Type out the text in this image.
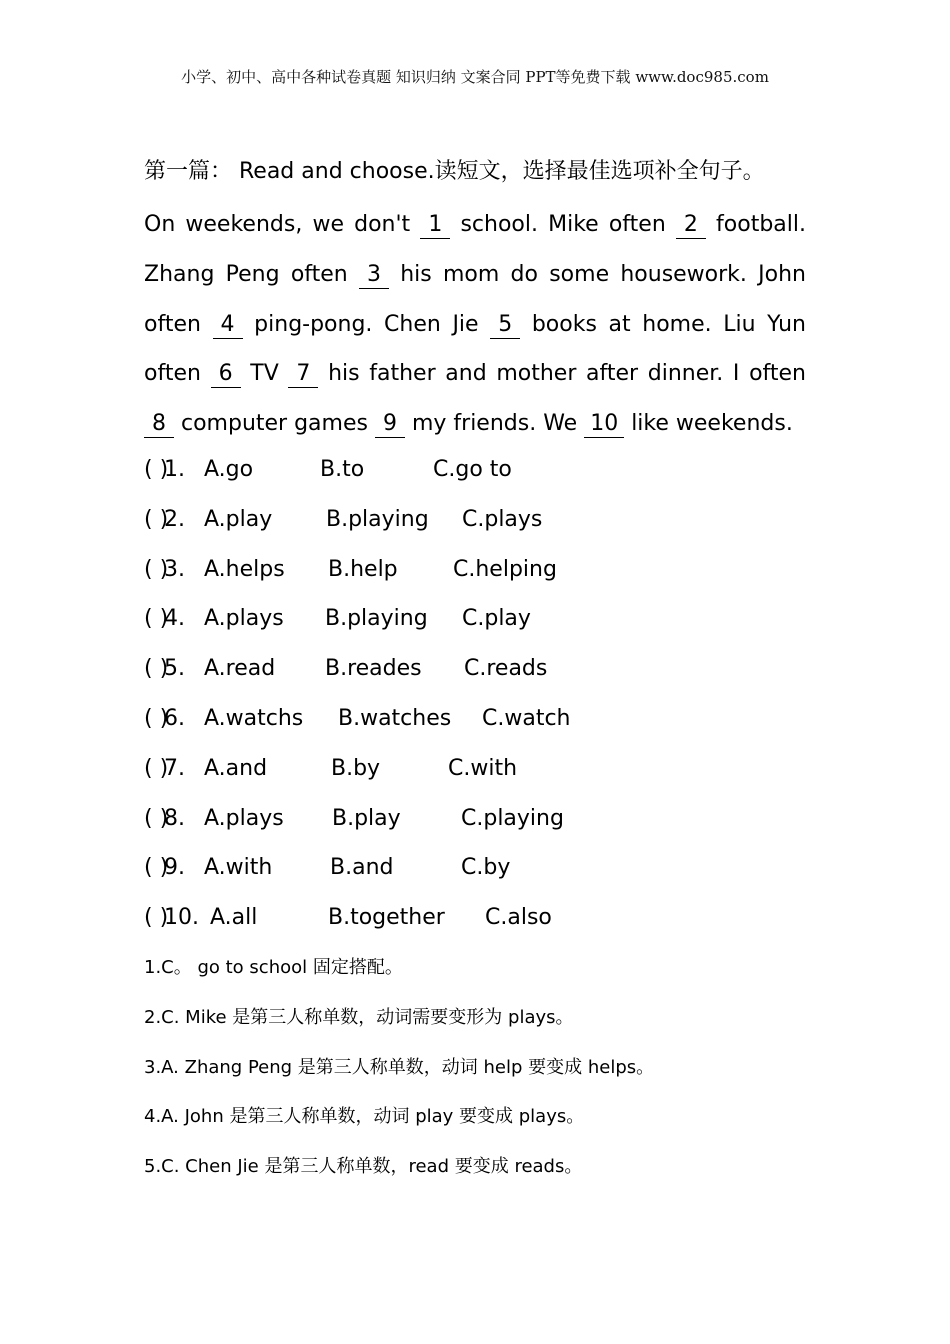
小学、初中、高中各种试卷真题 知识归纳 文案合同 PPT等免费下载 www.doc985.com
第一篇： Read and choose.读短文，选择最佳选项补全句子。
On weekends, we don't 1 school. Mike often 2 football. Zhang Peng often 3 his mom do some housework. John often 4 ping-pong. Chen Jie 5 books at home. Liu Yun often 6 TV 7 his father and mother after dinner. I often 8 computer games 9 my friends. We 10 like weekends.
( )
1. A.go	B.to	C.go to
( )
2. A.play B.playing C.plays
( )
3. A.helps B.help	C.helping
( )
4. A.plays B.playing C.play
( )
5. A.read B.reades C.reads
( )
6. A.watchs B.watches C.watch
( )
7. A.and	B.by	C.with
( )
8. A.plays B.play	C.playing
( )
9. A.with	B.and	C.by
( )
10. A.all	B.together C.also
1.C。 go to school 固定搭配。
2.C. Mike 是第三人称单数，动词需要变形为 plays。
3.A. Zhang Peng 是第三人称单数，动词 help 要变成 helps。
4.A. John 是第三人称单数，动词 play 要变成 plays。
5.C. Chen Jie 是第三人称单数，read 要变成 reads。
